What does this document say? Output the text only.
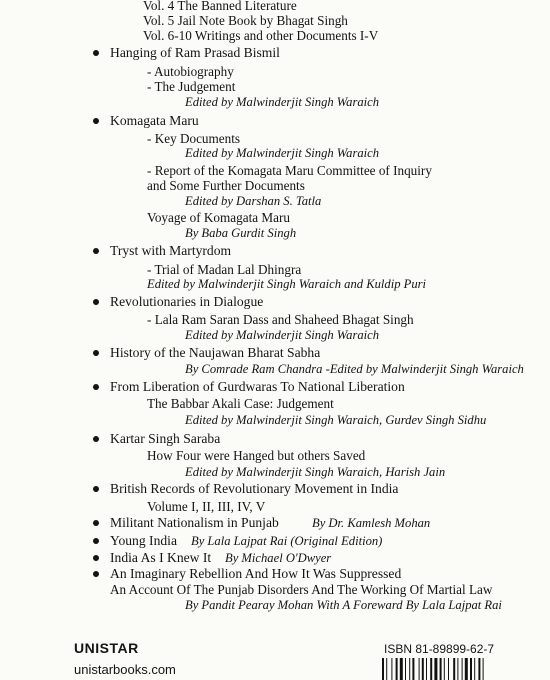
Vol. 4 The Banned Literature
Vol. 5 Jail Note Book by Bhagat Singh
Vol. 6-10 Writings and other Documents I-V
Hanging of Ram Prasad Bismil
- Autobiography
- The Judgement
Edited by Malwinderjit Singh Waraich
Komagata Maru
- Key Documents
Edited by Malwinderjit Singh Waraich
- Report of the Komagata Maru Committee of Inquiry
and Some Further Documents
Edited by Darshan S. Tatla
Voyage of Komagata Maru
By Baba Gurdit Singh
Tryst with Martyrdom
- Trial of Madan Lal Dhingra
Edited by Malwinderjit Singh Waraich and Kuldip Puri
Revolutionaries in Dialogue
- Lala Ram Saran Dass and Shaheed Bhagat Singh
Edited by Malwinderjit Singh Waraich
History of the Naujawan Bharat Sabha
By Comrade Ram Chandra -Edited by Malwinderjit Singh Waraich
From Liberation of Gurdwaras To National Liberation
The Babbar Akali Case: Judgement
Edited by Malwinderjit Singh Waraich, Gurdev Singh Sidhu
Kartar Singh Saraba
How Four were Hanged but others Saved
Edited by Malwinderjit Singh Waraich, Harish Jain
British Records of Revolutionary Movement in India
Volume I, II, III, IV, V
Militant Nationalism in Punjab	By Dr. Kamlesh Mohan
Young India By Lala Lajpat Rai (Original Edition)
India As I Knew It By Michael O'Dwyer
An Imaginary Rebellion And How It Was Suppressed
An Account Of The Punjab Disorders And The Working Of Martial Law
By Pandit Pearay Mohan With A Foreward By Lala Lajpat Rai
UNISTAR
unistarbooks.com
ISBN 81-89899-62-7
